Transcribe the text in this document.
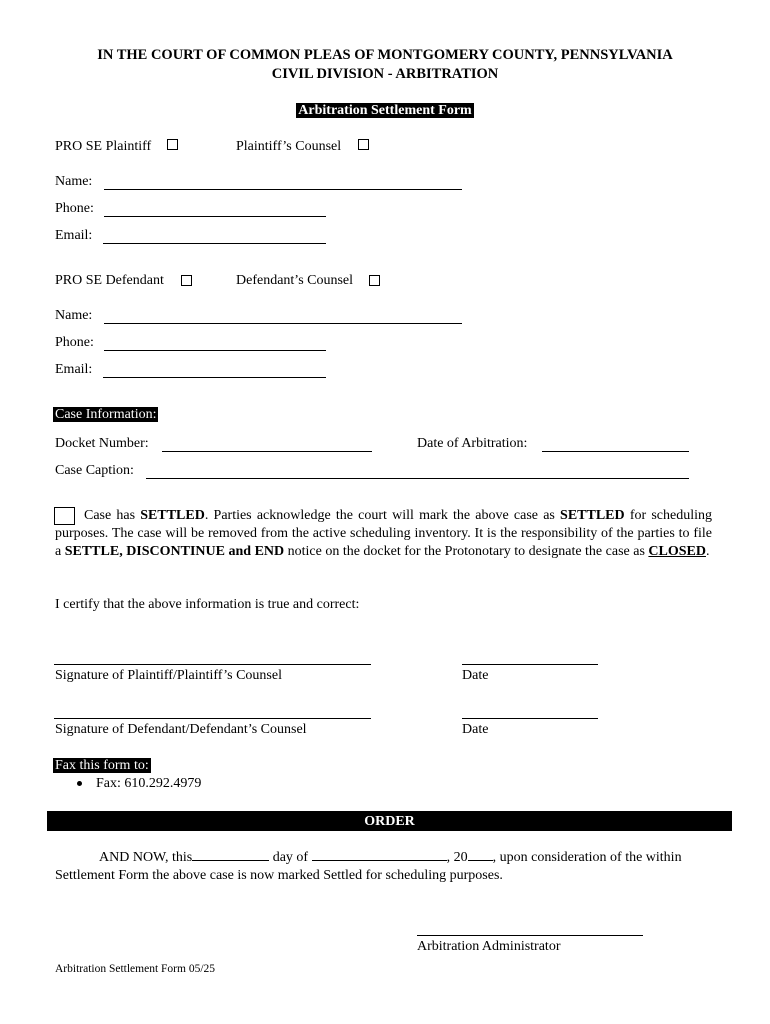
IN THE COURT OF COMMON PLEAS OF MONTGOMERY COUNTY, PENNSYLVANIA
CIVIL DIVISION - ARBITRATION
Arbitration Settlement Form
PRO SE Plaintiff	Plaintiff’s Counsel
Name:
Phone:
Email:
PRO SE Defendant	Defendant’s Counsel
Name:
Phone:
Email:
Case Information:
Docket Number:	Date of Arbitration:
Case Caption:
Case has SETTLED. Parties acknowledge the court will mark the above case as SETTLED for scheduling purposes. The case will be removed from the active scheduling inventory. It is the responsibility of the parties to file a SETTLE, DISCONTINUE and END notice on the docket for the Protonotary to designate the case as CLOSED.
I certify that the above information is true and correct:
Signature of Plaintiff/Plaintiff’s Counsel	Date
Signature of Defendant/Defendant’s Counsel	Date
Fax this form to:
Fax: 610.292.4979
ORDER
AND NOW, this	day of	, 20 , upon consideration of the within
Settlement Form the above case is now marked Settled for scheduling purposes.
Arbitration Administrator
Arbitration Settlement Form 05/25
